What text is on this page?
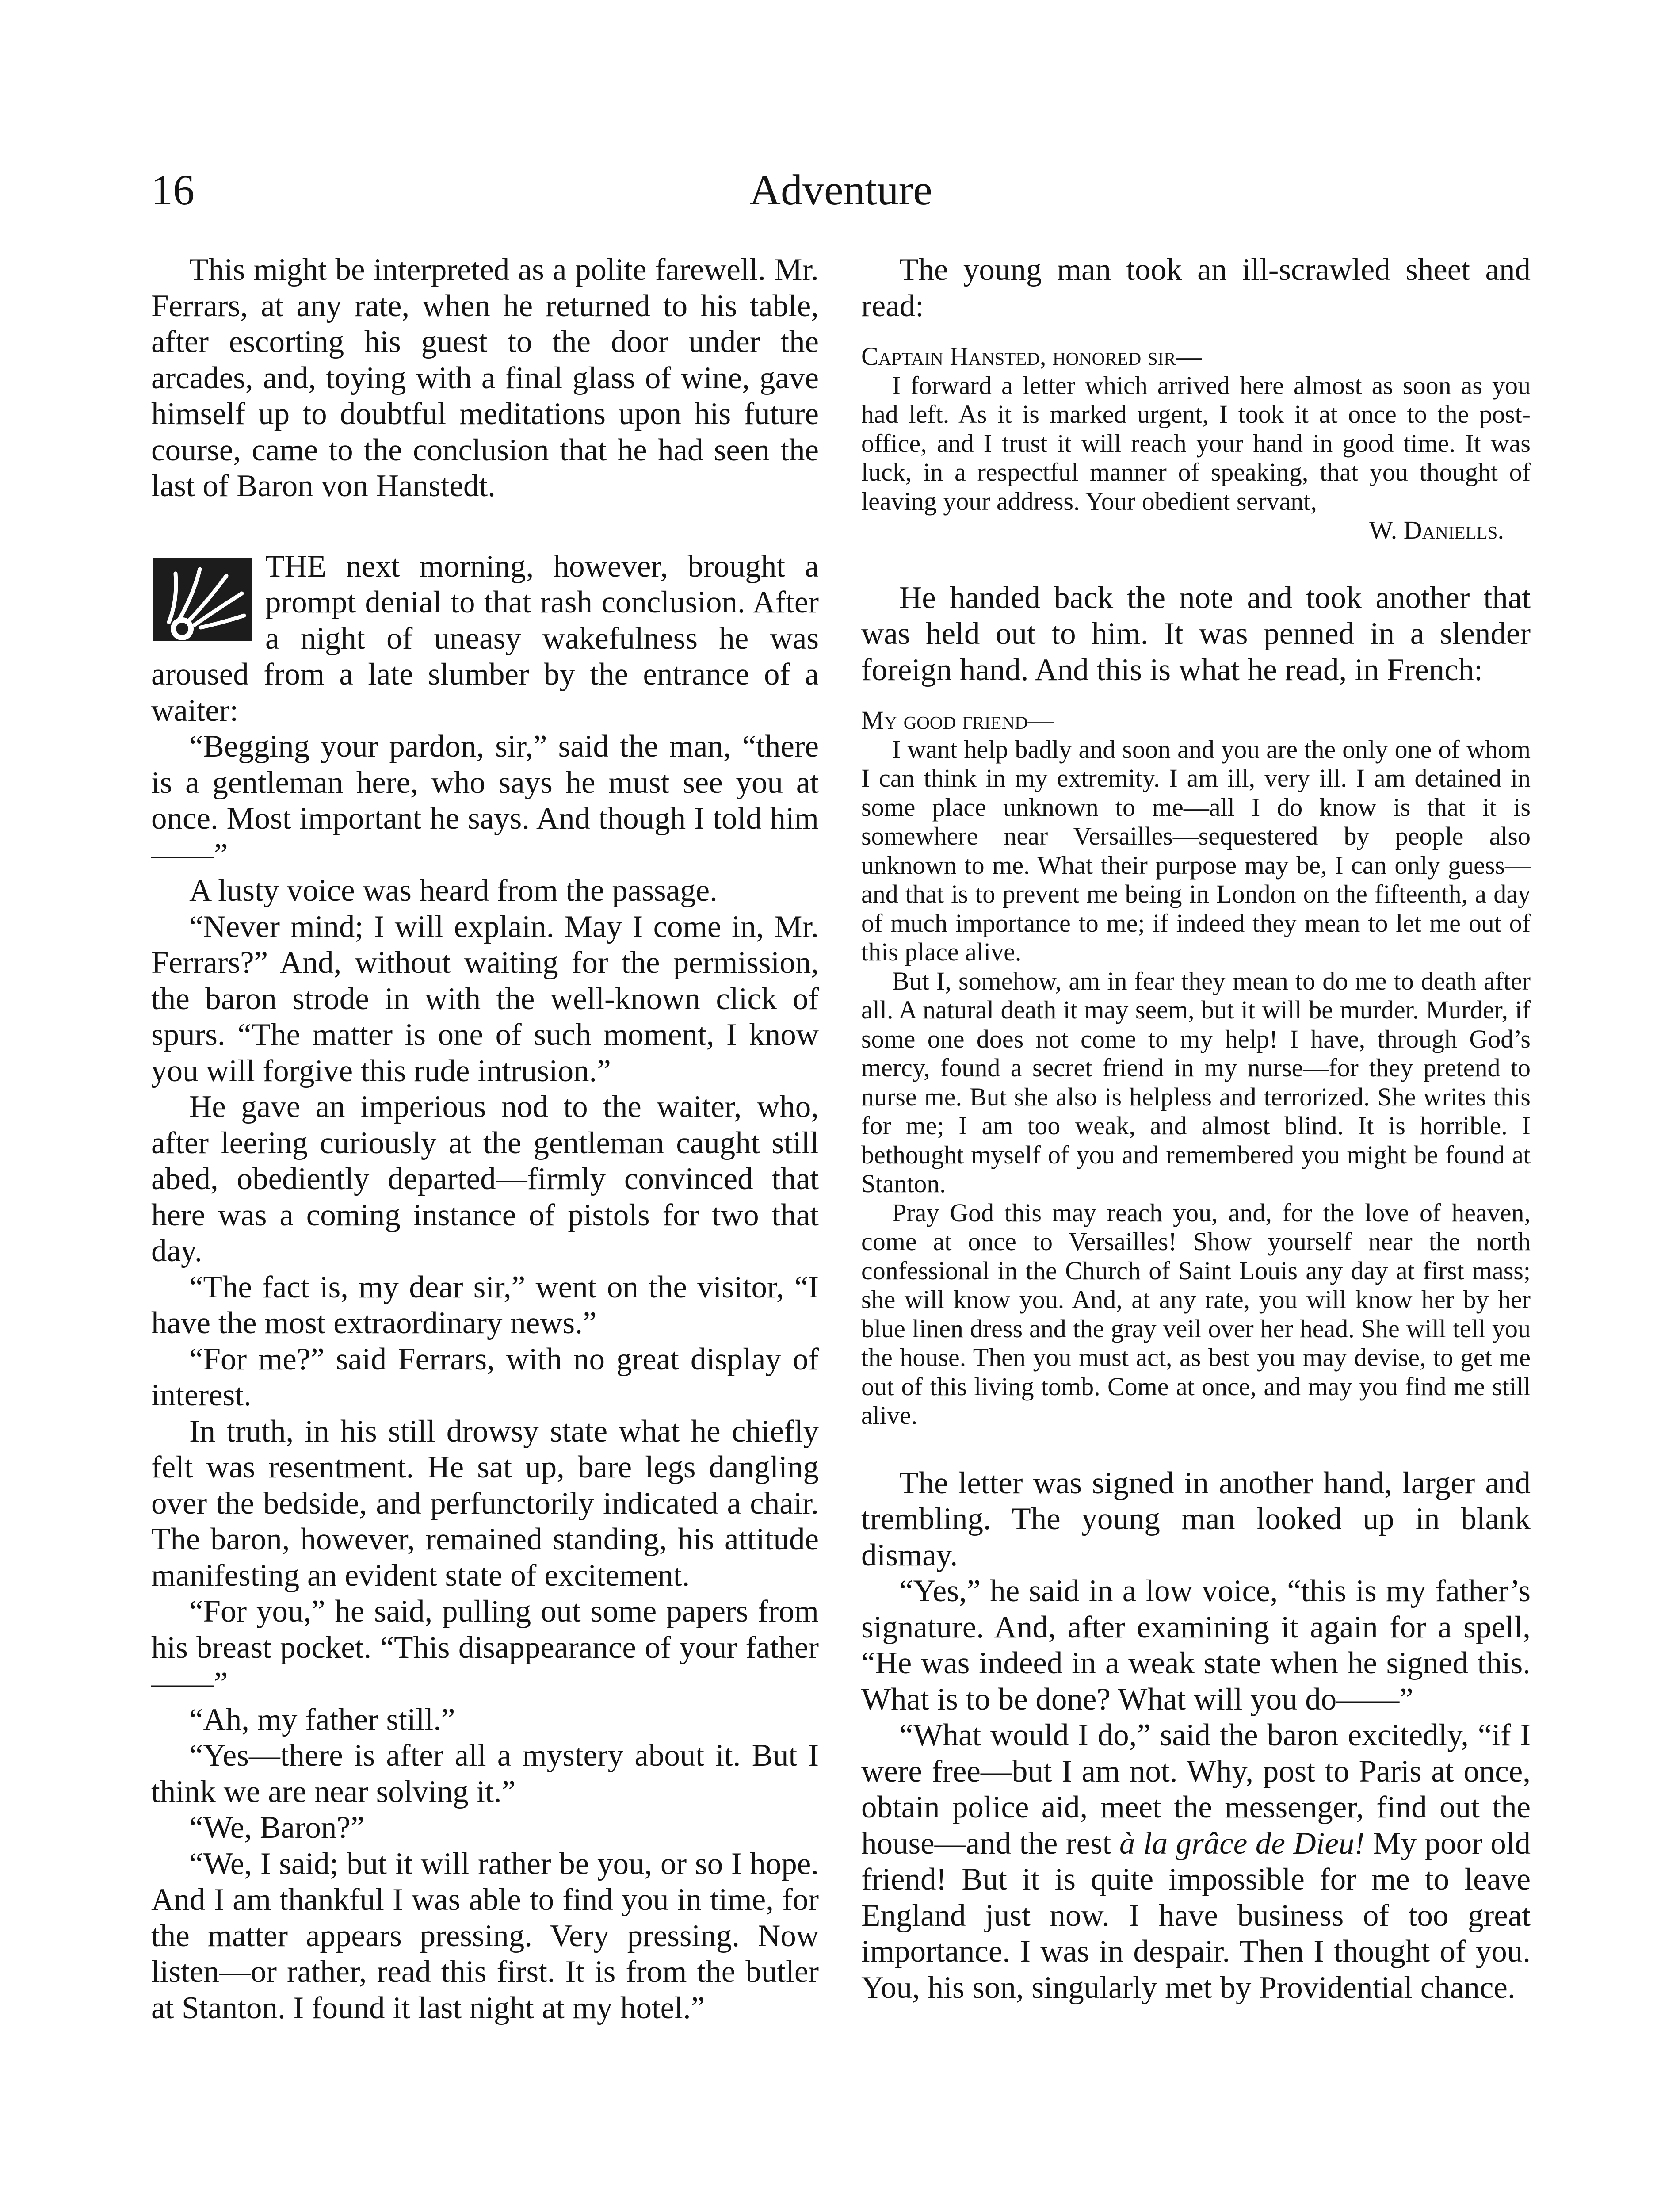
16	Adventure

This might be interpreted as a polite farewell. Mr. Ferrars, at any rate, when he returned to his table, after escorting his guest to the door under the arcades, and, toying with a final glass of wine, gave himself up to doubtful meditations upon his future course, came to the conclusion that he had seen the last of Baron von Hanstedt.

THE next morning, however, brought a prompt denial to that rash conclusion. After a night of uneasy wakefulness he was aroused from a late slumber by the entrance of a waiter:

“Begging your pardon, sir,” said the man, “there is a gentleman here, who says he must see you at once. Most important he says. And though I told him——”

A lusty voice was heard from the passage.

“Never mind; I will explain. May I come in, Mr. Ferrars?” And, without waiting for the permission, the baron strode in with the well-known click of spurs. “The matter is one of such moment, I know you will forgive this rude intrusion.”

He gave an imperious nod to the waiter, who, after leering curiously at the gentleman caught still abed, obediently departed—firmly convinced that here was a coming instance of pistols for two that day.

“The fact is, my dear sir,” went on the visitor, “I have the most extraordinary news.”

“For me?” said Ferrars, with no great display of interest.

In truth, in his still drowsy state what he chiefly felt was resentment. He sat up, bare legs dangling over the bedside, and perfunctorily indicated a chair. The baron, however, remained standing, his attitude manifesting an evident state of excitement.

“For you,” he said, pulling out some papers from his breast pocket. “This disappearance of your father——”

“Ah, my father still.”

“Yes—there is after all a mystery about it. But I think we are near solving it.”

“We, Baron?”

“We, I said; but it will rather be you, or so I hope. And I am thankful I was able to find you in time, for the matter appears pressing. Very pressing. Now listen—or rather, read this first. It is from the butler at Stanton. I found it last night at my hotel.”

The young man took an ill-scrawled sheet and read:

Captain Hansted, honored sir—

I forward a letter which arrived here almost as soon as you had left. As it is marked urgent, I took it at once to the post-office, and I trust it will reach your hand in good time. It was luck, in a respectful manner of speaking, that you thought of leaving your address. Your obedient servant,

W. Daniells.

He handed back the note and took another that was held out to him. It was penned in a slender foreign hand. And this is what he read, in French:

My good friend—

I want help badly and soon and you are the only one of whom I can think in my extremity. I am ill, very ill. I am detained in some place unknown to me—all I do know is that it is somewhere near Versailles—sequestered by people also unknown to me. What their purpose may be, I can only guess—and that is to prevent me being in London on the fifteenth, a day of much importance to me; if indeed they mean to let me out of this place alive.

But I, somehow, am in fear they mean to do me to death after all. A natural death it may seem, but it will be murder. Murder, if some one does not come to my help! I have, through God’s mercy, found a secret friend in my nurse—for they pretend to nurse me. But she also is helpless and terrorized. She writes this for me; I am too weak, and almost blind. It is horrible. I bethought myself of you and remembered you might be found at Stanton.

Pray God this may reach you, and, for the love of heaven, come at once to Versailles! Show yourself near the north confessional in the Church of Saint Louis any day at first mass; she will know you. And, at any rate, you will know her by her blue linen dress and the gray veil over her head. She will tell you the house. Then you must act, as best you may devise, to get me out of this living tomb. Come at once, and may you find me still alive.

The letter was signed in another hand, larger and trembling. The young man looked up in blank dismay.

“Yes,” he said in a low voice, “this is my father’s signature. And, after examining it again for a spell, “He was indeed in a weak state when he signed this. What is to be done? What will you do——”

“What would I do,” said the baron excitedly, “if I were free—but I am not. Why, post to Paris at once, obtain police aid, meet the messenger, find out the house—and the rest à la grâce de Dieu! My poor old friend! But it is quite impossible for me to leave England just now. I have business of too great importance. I was in despair. Then I thought of you. You, his son, singularly met by Providential chance.
